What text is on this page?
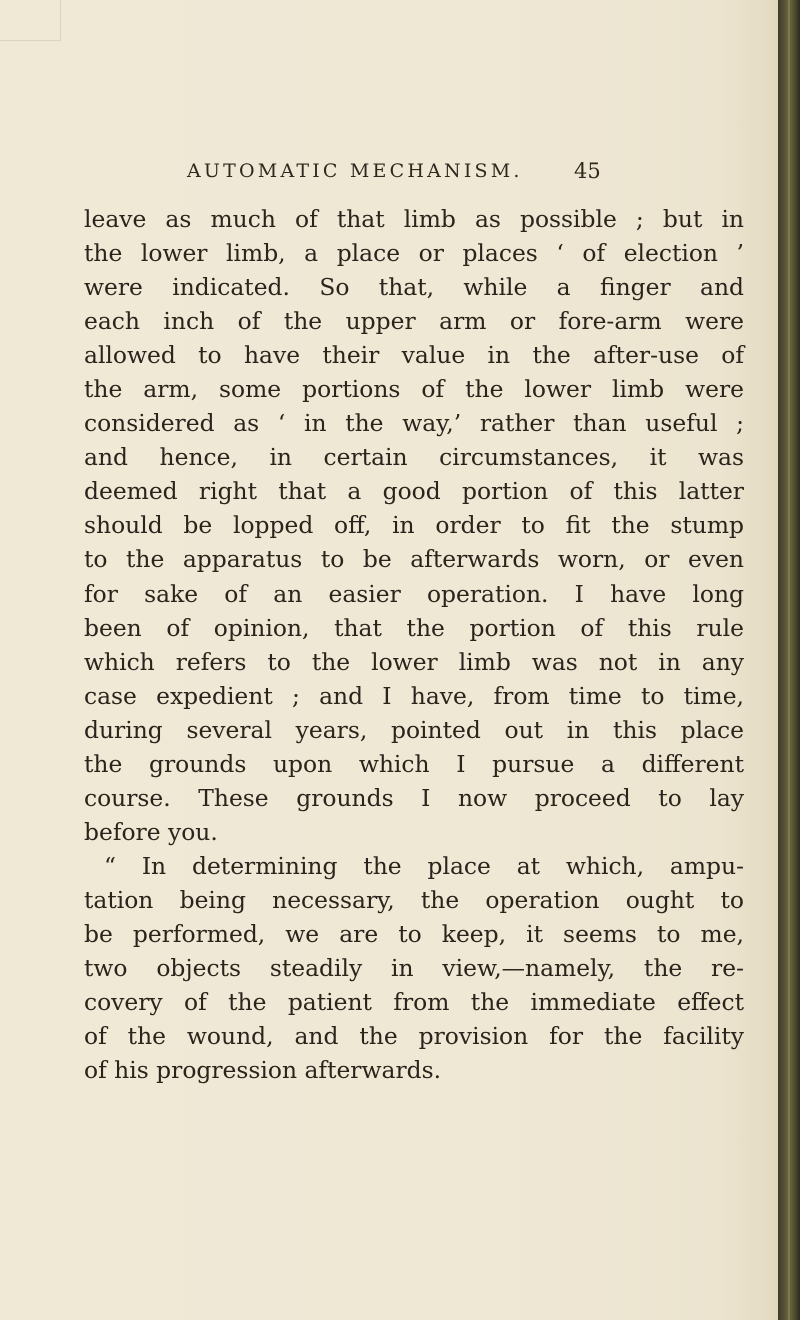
AUTOMATIC MECHANISM. 45
leave as much of that limb as possible ; but in
the lower limb, a place or places ‘ of election ’
were indicated. So that, while a finger and
each inch of the upper arm or fore-arm were
allowed to have their value in the after-use of
the arm, some portions of the lower limb were
considered as ‘ in the way,’ rather than useful ;
and hence, in certain circumstances, it was
deemed right that a good portion of this latter
should be lopped off, in order to fit the stump
to the apparatus to be afterwards worn, or even
for sake of an easier operation. I have long
been of opinion, that the portion of this rule
which refers to the lower limb was not in any
case expedient ; and I have, from time to time,
during several years, pointed out in this place
the grounds upon which I pursue a different
course. These grounds I now proceed to lay
before you.
“ In determining the place at which, ampu-
tation being necessary, the operation ought to
be performed, we are to keep, it seems to me,
two objects steadily in view,—namely, the re-
covery of the patient from the immediate effect
of the wound, and the provision for the facility
of his progression afterwards.
